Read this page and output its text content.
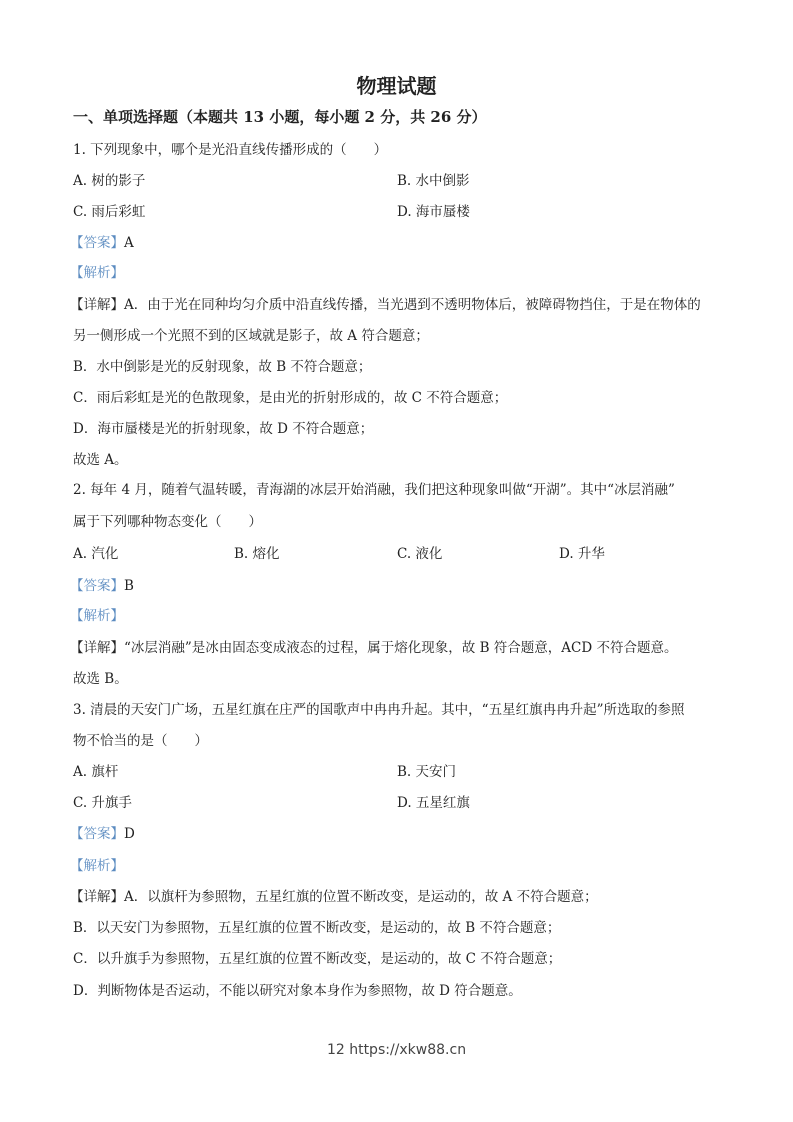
物理试题
一、单项选择题（本题共 13 小题，每小题 2 分，共 26 分）
1. 下列现象中，哪个是光沿直线传播形成的（　　）
A. 树的影子	B. 水中倒影
C. 雨后彩虹	D. 海市蜃楼
【答案】A
【解析】
【详解】A．由于光在同种均匀介质中沿直线传播，当光遇到不透明物体后，被障碍物挡住，于是在物体的
另一侧形成一个光照不到的区域就是影子，故 A 符合题意；
B．水中倒影是光的反射现象，故 B 不符合题意；
C．雨后彩虹是光的色散现象，是由光的折射形成的，故 C 不符合题意；
D．海市蜃楼是光的折射现象，故 D 不符合题意；
故选 A。
2. 每年 4 月，随着气温转暖，青海湖的冰层开始消融，我们把这种现象叫做“开湖”。其中“冰层消融”
属于下列哪种物态变化（　　）
A. 汽化	B. 熔化	C. 液化	D. 升华
【答案】B
【解析】
【详解】“冰层消融”是冰由固态变成液态的过程，属于熔化现象，故 B 符合题意，ACD 不符合题意。
故选 B。
3. 清晨的天安门广场，五星红旗在庄严的国歌声中冉冉升起。其中，“五星红旗冉冉升起”所选取的参照
物不恰当的是（　　）
A. 旗杆	B. 天安门
C. 升旗手	D. 五星红旗
【答案】D
【解析】
【详解】A．以旗杆为参照物，五星红旗的位置不断改变，是运动的，故 A 不符合题意；
B．以天安门为参照物，五星红旗的位置不断改变，是运动的，故 B 不符合题意；
C．以升旗手为参照物，五星红旗的位置不断改变，是运动的，故 C 不符合题意；
D．判断物体是否运动，不能以研究对象本身作为参照物，故 D 符合题意。
12 https://xkw88.cn
